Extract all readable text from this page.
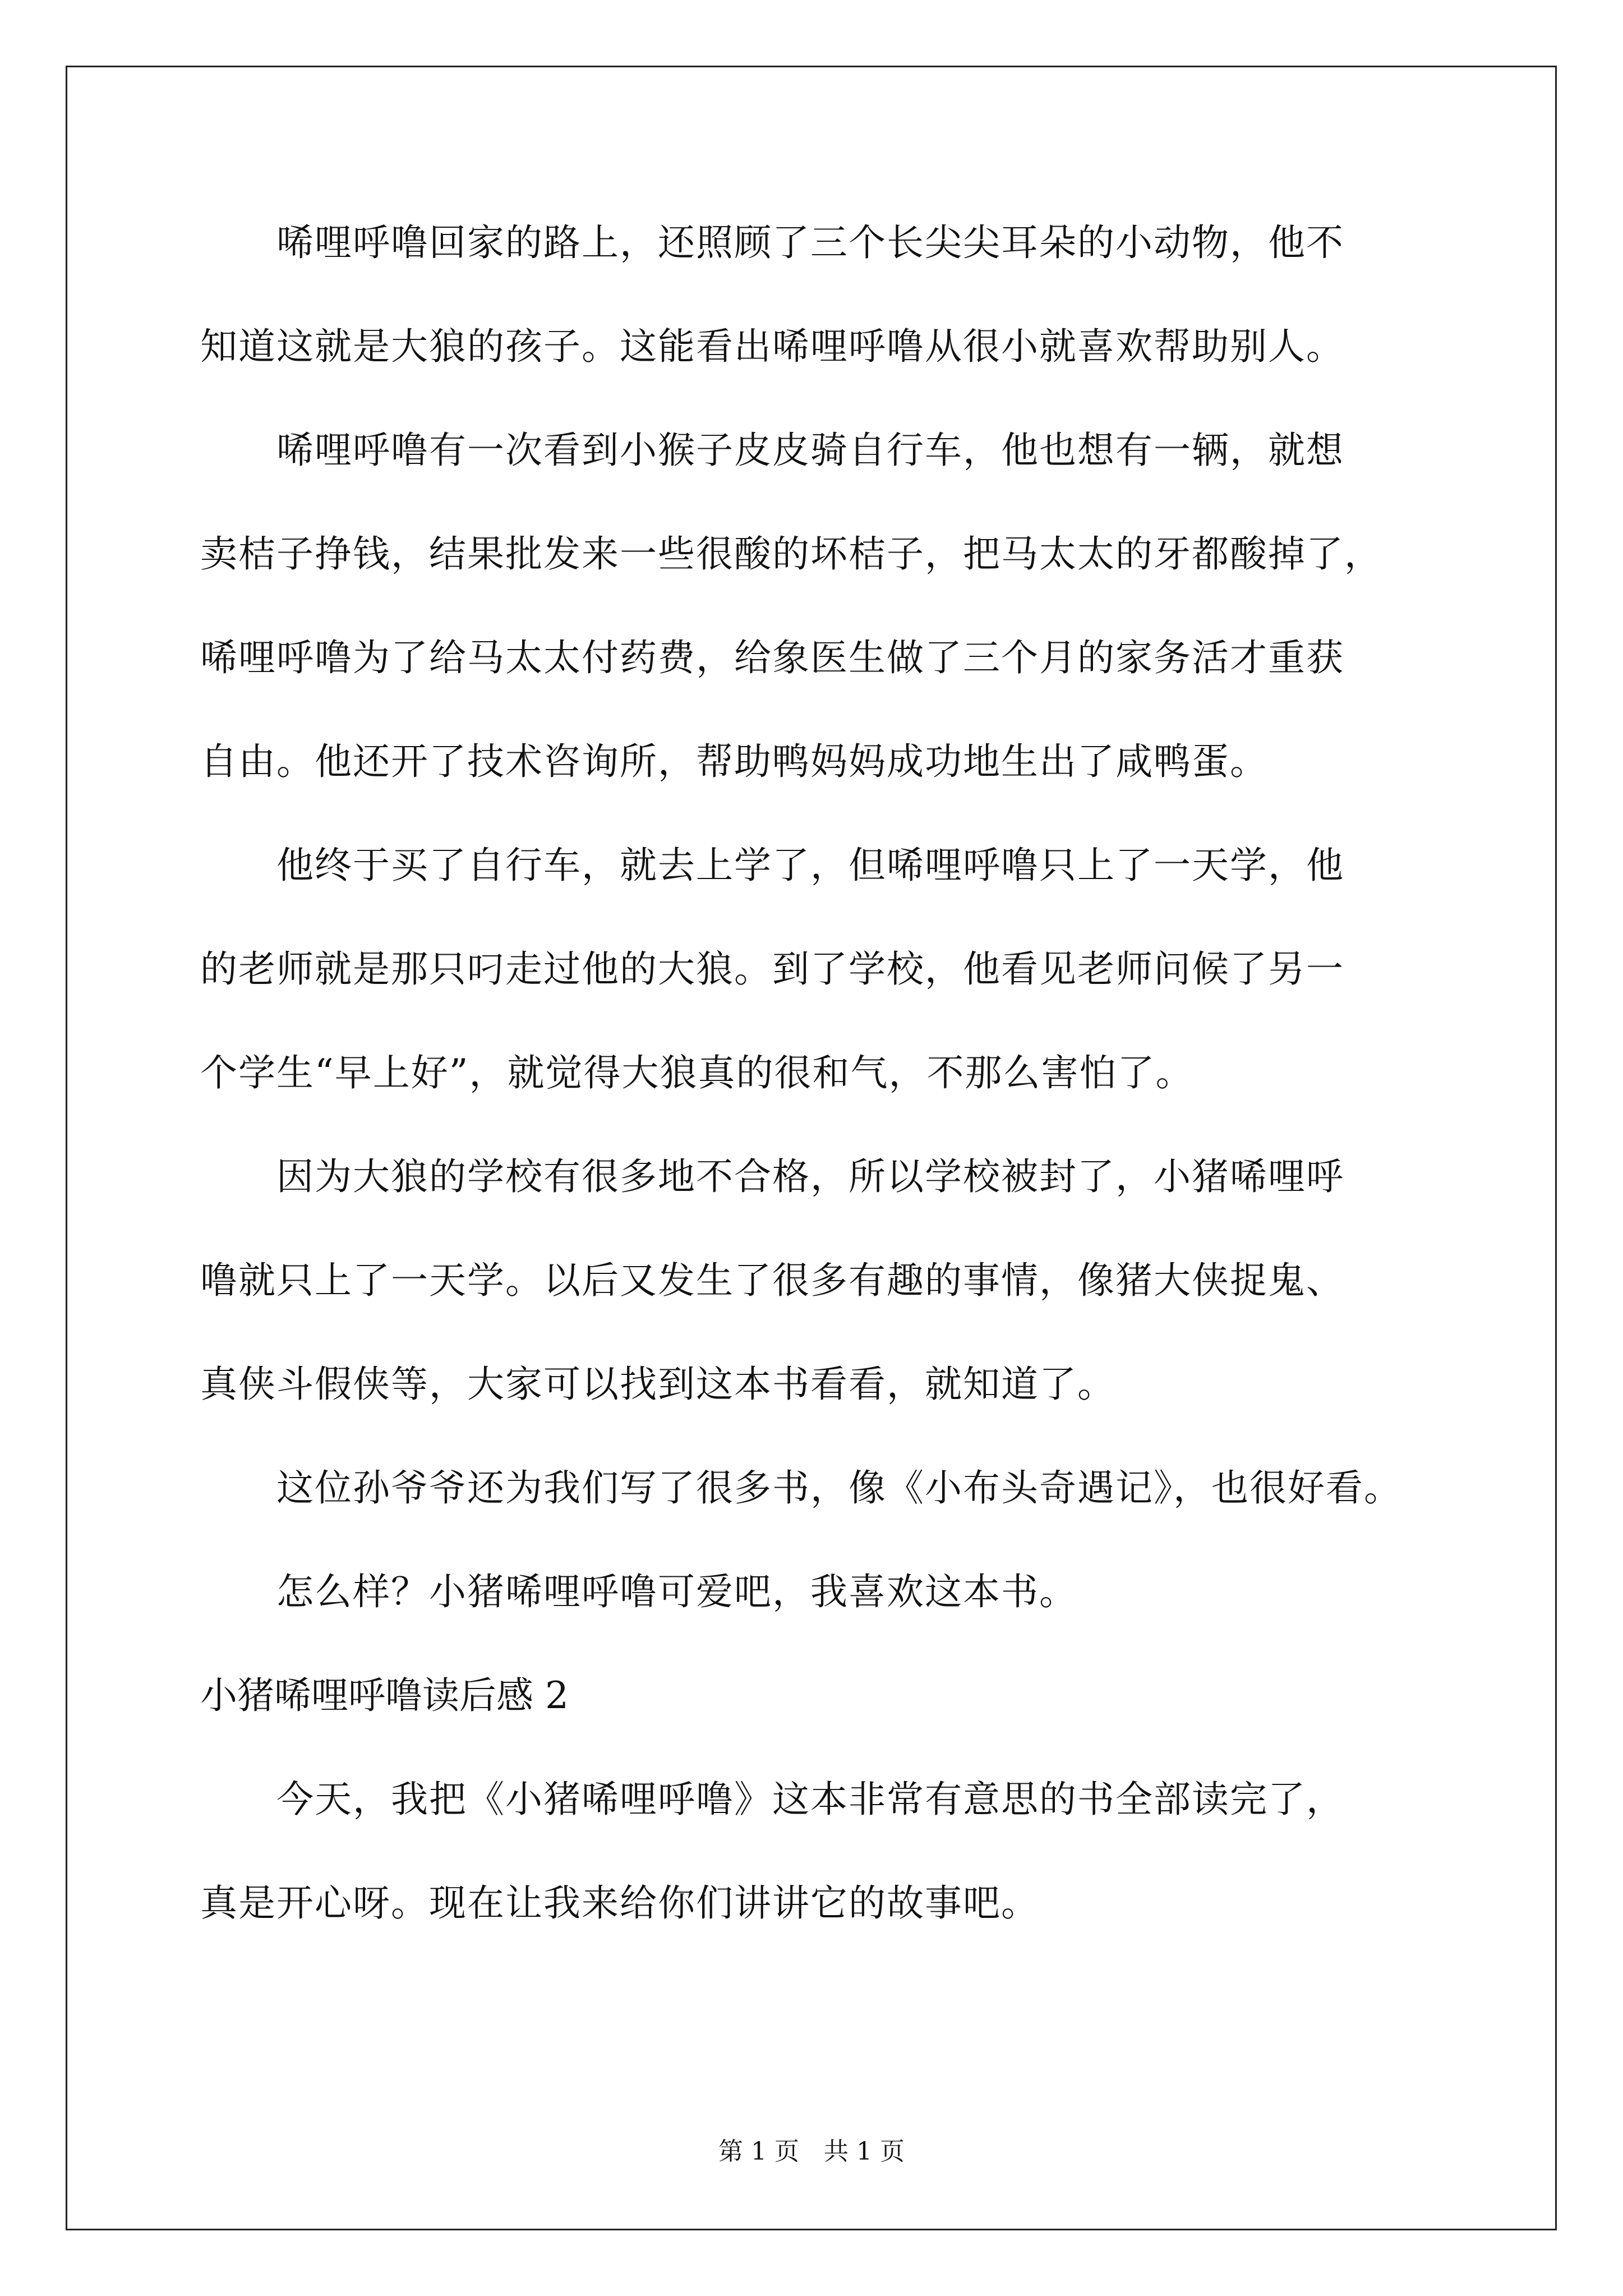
　　唏哩呼噜回家的路上，还照顾了三个长尖尖耳朵的小动物，他不
知道这就是大狼的孩子。这能看出唏哩呼噜从很小就喜欢帮助别人。
　　唏哩呼噜有一次看到小猴子皮皮骑自行车，他也想有一辆，就想
卖桔子挣钱，结果批发来一些很酸的坏桔子，把马太太的牙都酸掉了，
唏哩呼噜为了给马太太付药费，给象医生做了三个月的家务活才重获
自由。他还开了技术咨询所，帮助鸭妈妈成功地生出了咸鸭蛋。
　　他终于买了自行车，就去上学了，但唏哩呼噜只上了一天学，他
的老师就是那只叼走过他的大狼。到了学校，他看见老师问候了另一
个学生“早上好”，就觉得大狼真的很和气，不那么害怕了。
　　因为大狼的学校有很多地不合格，所以学校被封了，小猪唏哩呼
噜就只上了一天学。以后又发生了很多有趣的事情，像猪大侠捉鬼、
真侠斗假侠等，大家可以找到这本书看看，就知道了。
　　这位孙爷爷还为我们写了很多书，像《小布头奇遇记》，也很好看。
　　怎么样？小猪唏哩呼噜可爱吧，我喜欢这本书。
小猪唏哩呼噜读后感 2
　　今天，我把《小猪唏哩呼噜》这本非常有意思的书全部读完了，
真是开心呀。现在让我来给你们讲讲它的故事吧。
第 1 页　共 1 页
